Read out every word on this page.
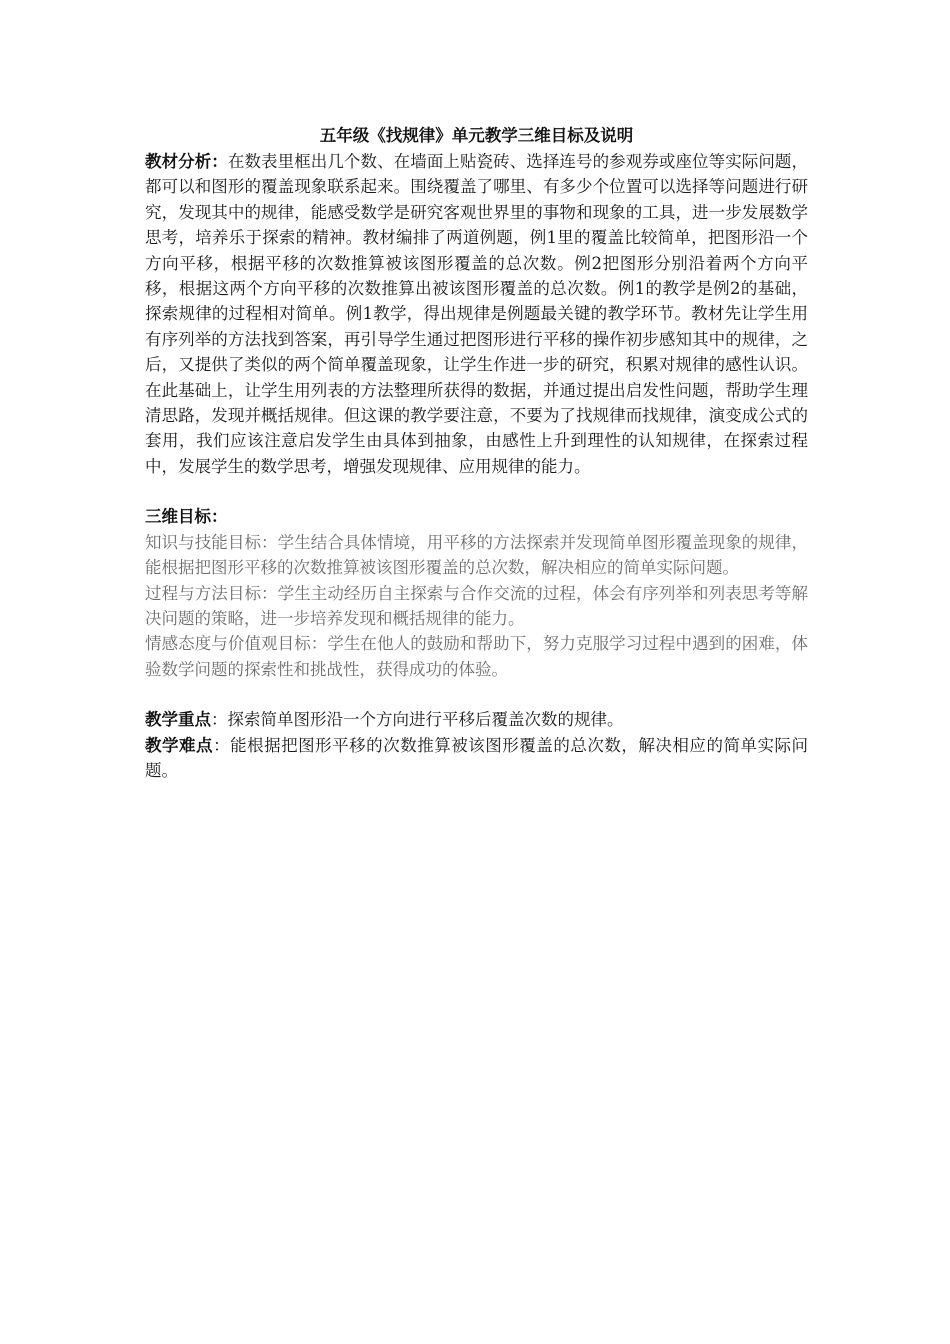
五年级《找规律》单元教学三维目标及说明

教材分析：在数表里框出几个数、在墙面上贴瓷砖、选择连号的参观券或座位等实际问题，都可以和图形的覆盖现象联系起来。围绕覆盖了哪里、有多少个位置可以选择等问题进行研究，发现其中的规律，能感受数学是研究客观世界里的事物和现象的工具，进一步发展数学思考，培养乐于探索的精神。教材编排了两道例题，例1里的覆盖比较简单，把图形沿一个方向平移，根据平移的次数推算被该图形覆盖的总次数。例2把图形分别沿着两个方向平移，根据这两个方向平移的次数推算出被该图形覆盖的总次数。例1的教学是例2的基础，探索规律的过程相对简单。例1教学，得出规律是例题最关键的教学环节。教材先让学生用有序列举的方法找到答案，再引导学生通过把图形进行平移的操作初步感知其中的规律，之后，又提供了类似的两个简单覆盖现象，让学生作进一步的研究，积累对规律的感性认识。在此基础上，让学生用列表的方法整理所获得的数据，并通过提出启发性问题，帮助学生理清思路，发现并概括规律。但这课的教学要注意，不要为了找规律而找规律，演变成公式的套用，我们应该注意启发学生由具体到抽象，由感性上升到理性的认知规律，在探索过程中，发展学生的数学思考，增强发现规律、应用规律的能力。

三维目标：

知识与技能目标：学生结合具体情境，用平移的方法探索并发现简单图形覆盖现象的规律，能根据把图形平移的次数推算被该图形覆盖的总次数，解决相应的简单实际问题。

过程与方法目标：学生主动经历自主探索与合作交流的过程，体会有序列举和列表思考等解决问题的策略，进一步培养发现和概括规律的能力。

情感态度与价值观目标：学生在他人的鼓励和帮助下，努力克服学习过程中遇到的困难，体验数学问题的探索性和挑战性，获得成功的体验。

教学重点：探索简单图形沿一个方向进行平移后覆盖次数的规律。

教学难点：能根据把图形平移的次数推算被该图形覆盖的总次数，解决相应的简单实际问题。
